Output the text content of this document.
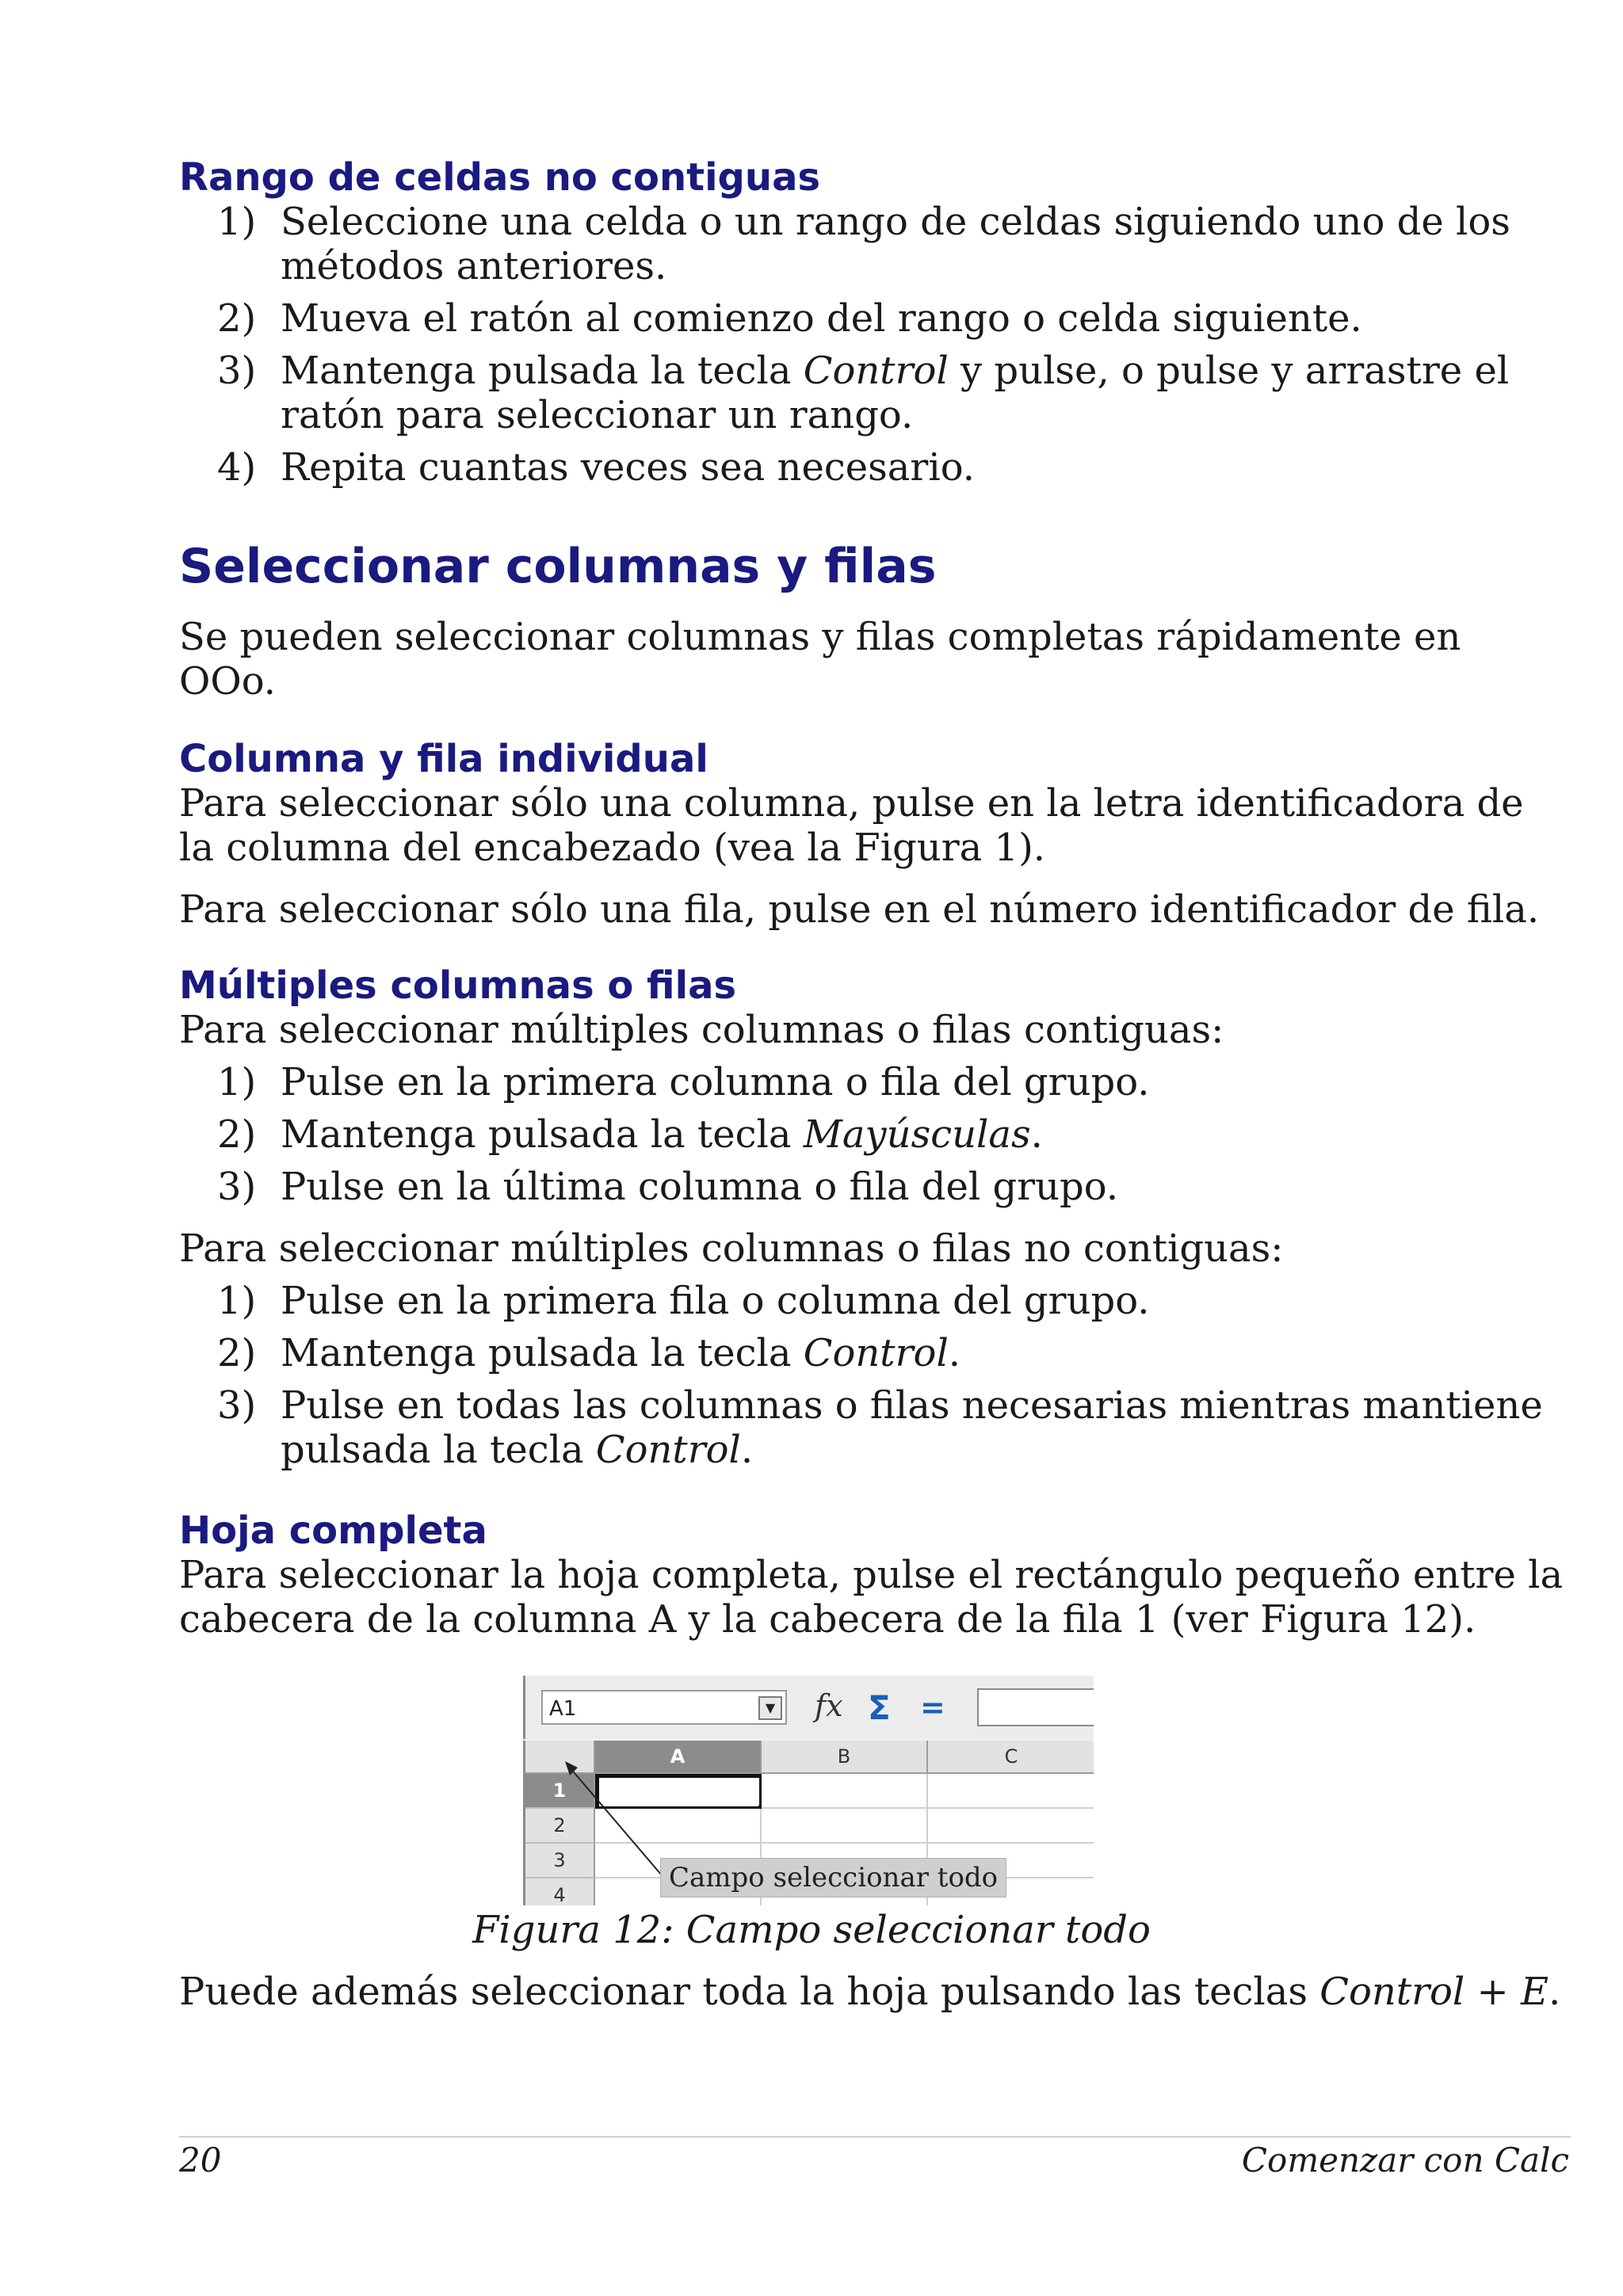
Rango de celdas no contiguas
1) Seleccione una celda o un rango de celdas siguiendo uno de los
métodos anteriores.
2) Mueva el ratón al comienzo del rango o celda siguiente.
3) Mantenga pulsada la tecla Control y pulse, o pulse y arrastre el
ratón para seleccionar un rango.
4) Repita cuantas veces sea necesario.
Seleccionar columnas y filas

Se pueden seleccionar columnas y filas completas rápidamente en
OOo.

Columna y fila individual

Para seleccionar sólo una columna, pulse en la letra identificadora de
la columna del encabezado (vea la Figura 1).

Para seleccionar sólo una fila, pulse en el número identificador de fila.

Múltiples columnas o filas

Para seleccionar múltiples columnas o filas contiguas:

1) Pulse en la primera columna o fila del grupo.
2) Mantenga pulsada la tecla Mayúsculas.
3) Pulse en la última columna o fila del grupo.

Para seleccionar múltiples columnas o filas no contiguas:

1) Pulse en la primera fila o columna del grupo.
2) Mantenga pulsada la tecla Control.
3) Pulse en todas las columnas o filas necesarias mientras mantiene
pulsada la tecla Control.
Hoja completa

Para seleccionar la hoja completa, pulse el rectángulo pequeño entre la
cabecera de la columna A y la cabecera de la fila 1 (ver Figura 12).

A1	▼ fx Σ =
A	B	C
1
2
3
4
Campo seleccionar todo
Figura 12: Campo seleccionar todo

Puede además seleccionar toda la hoja pulsando las teclas Control + E.

20	Comenzar con Calc
